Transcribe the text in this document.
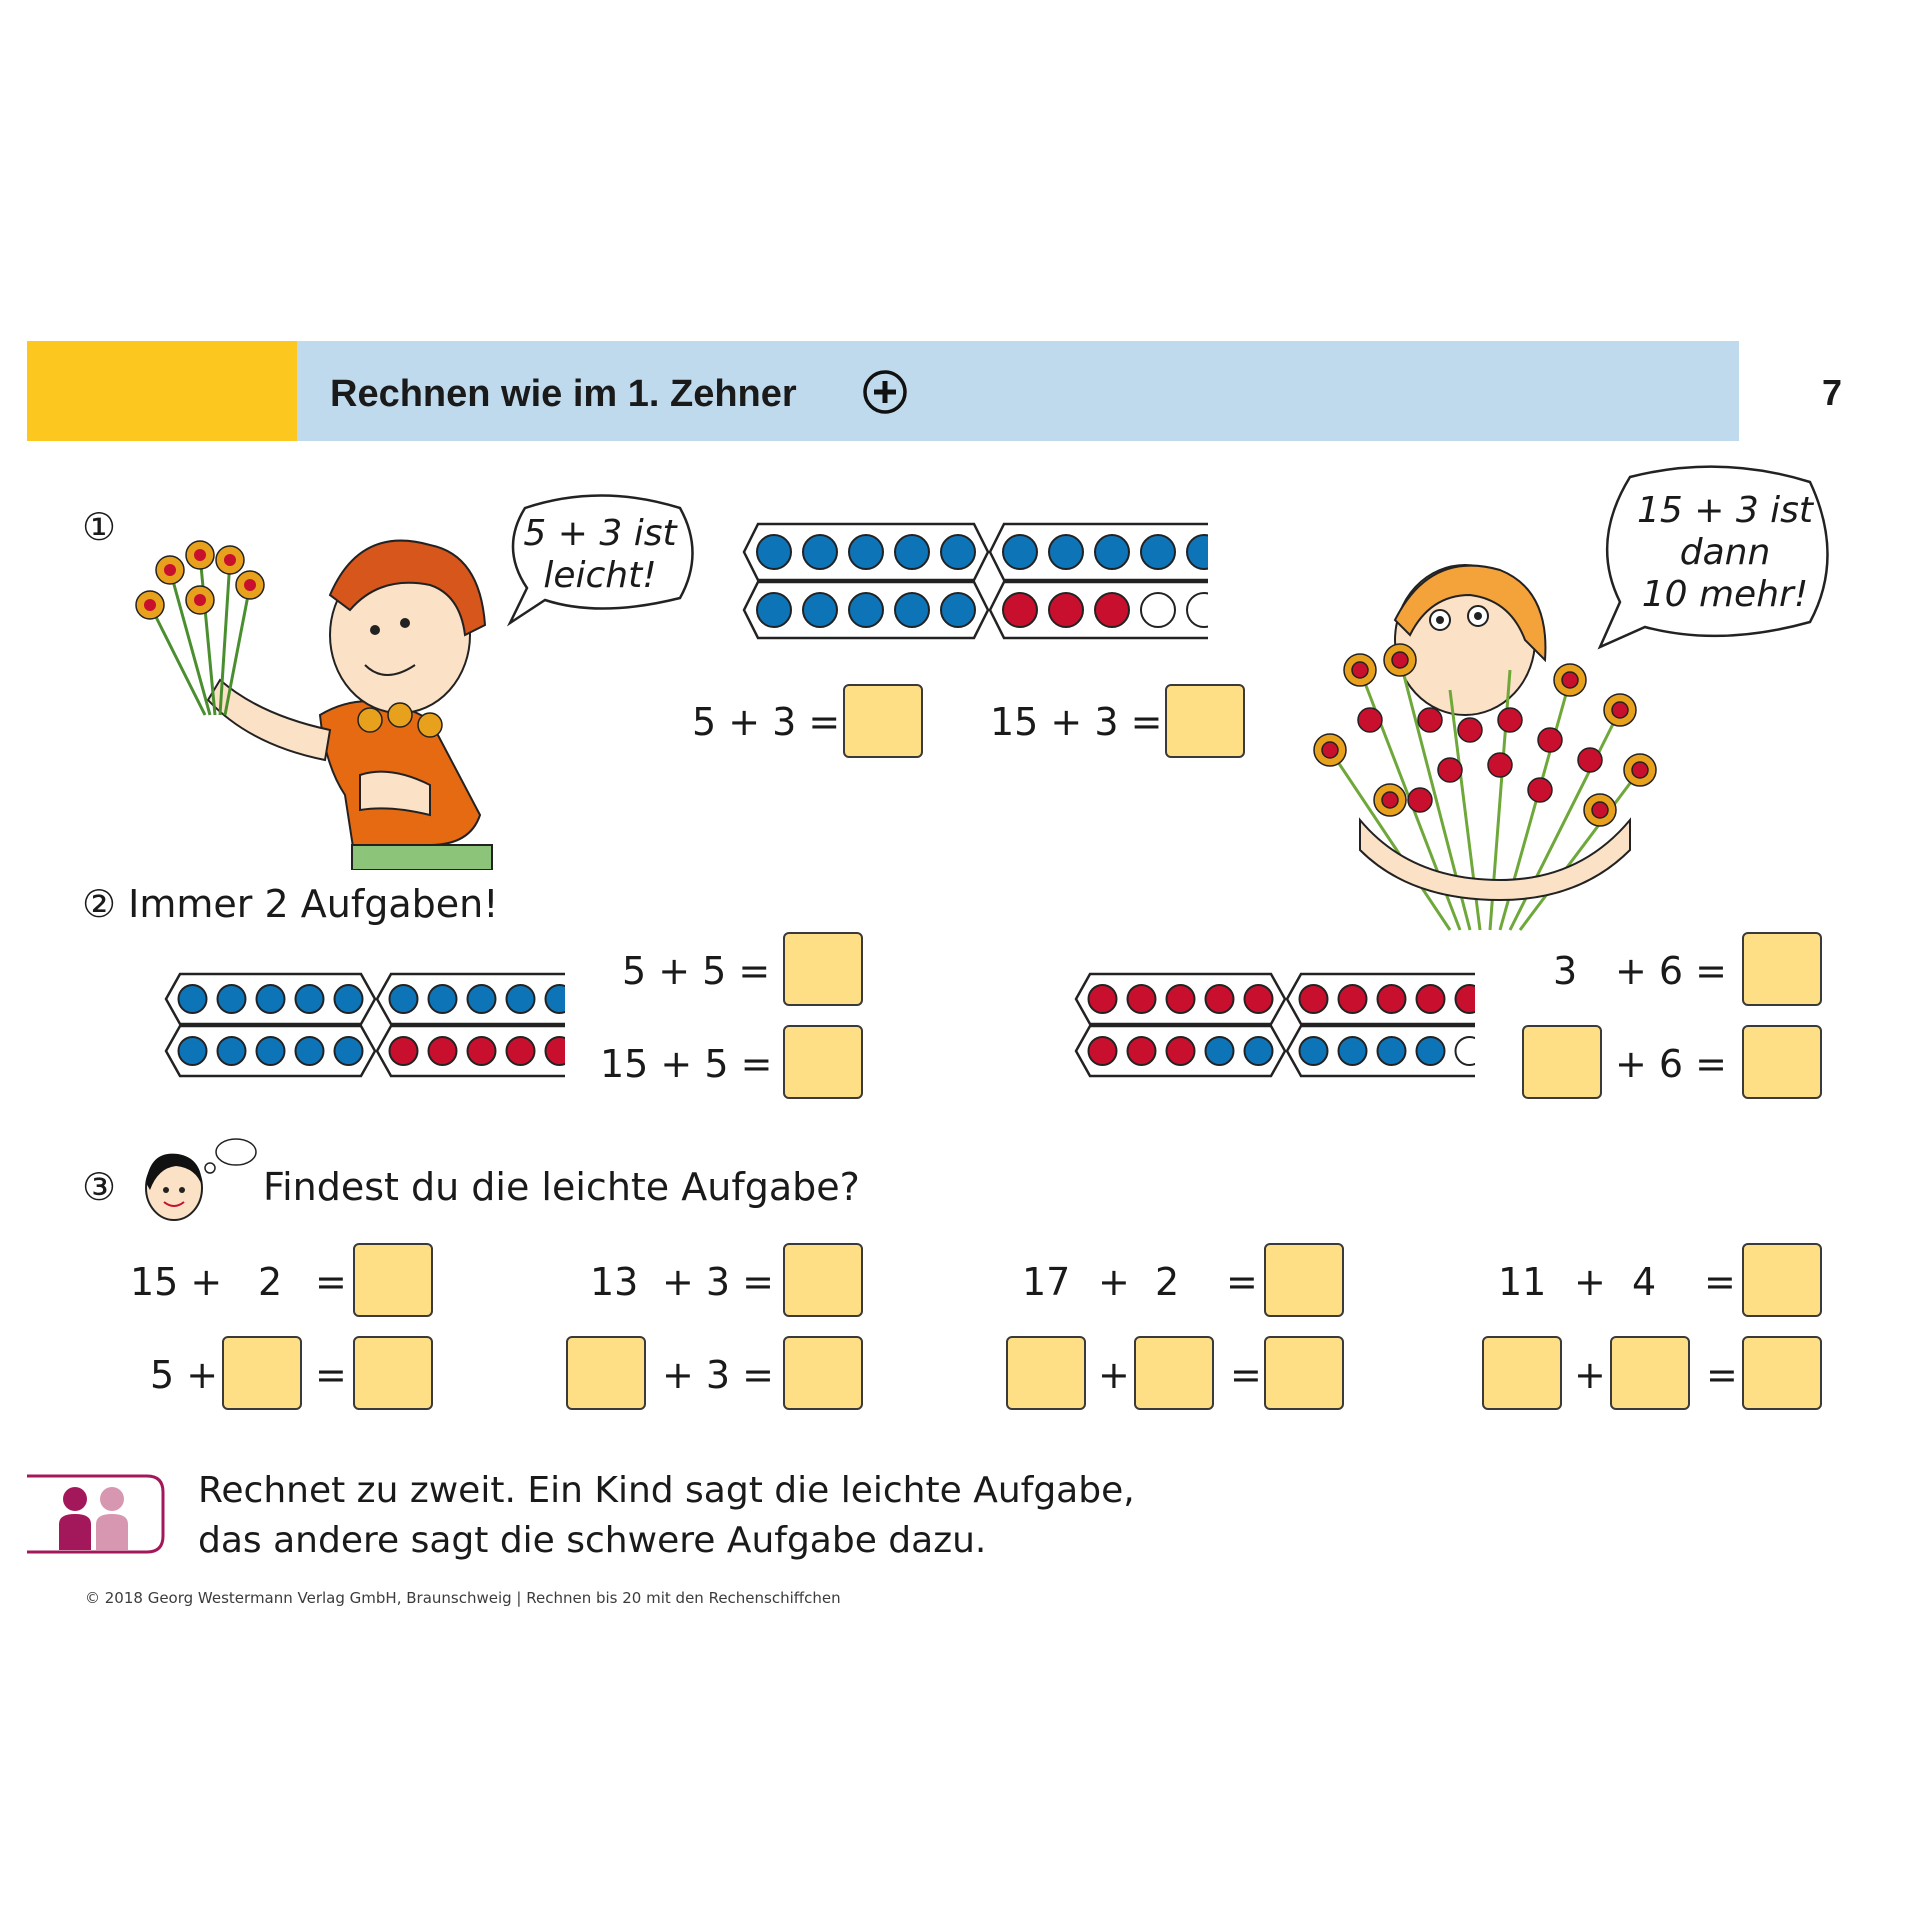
Rechnen wie im 1. Zehner	7
①	5 + 3 ist
leicht!
5 + 3 =	15 + 3 =
15 + 3 ist
dann
10 mehr!
② Immer 2 Aufgaben!
5 + 5 =
15 + 5 =
3 + 6 =
+ 6 =
③	Findest du die leichte Aufgabe?
15 + 2 =
5 +	=
13 + 3 =
+ 3 =
17 + 2 =
+	=
11 + 4 =
+	=
Rechnet zu zweit. Ein Kind sagt die leichte Aufgabe,
das andere sagt die schwere Aufgabe dazu.
© 2018 Georg Westermann Verlag GmbH, Braunschweig | Rechnen bis 20 mit den Rechenschiffchen
